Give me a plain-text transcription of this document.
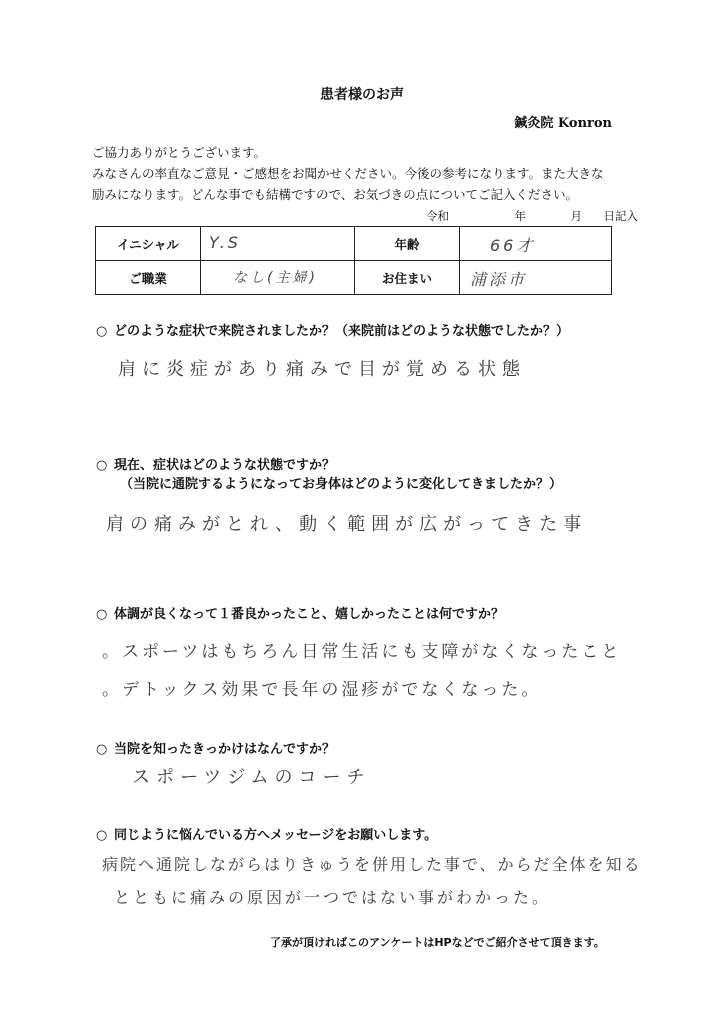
患者様のお声
鍼灸院 Konron
ご協力ありがとうございます。
みなさんの率直なご意見・ご感想をお聞かせください。今後の参考になります。また大きな
励みになります。どんな事でも結構ですので、お気づきの点についてご記入ください。
令和	年	月 日記入
イニシャル	Y.S	年齢	66才

ご職業	なし(主婦)	お住まい	浦添市
○ どのような症状で来院されましたか？（来院前はどのような状態でしたか？）
肩に炎症があり痛みで目が覚める状態
○ 現在、症状はどのような状態ですか？
（当院に通院するようになってお身体はどのように変化してきましたか？）
肩の痛みがとれ、動く範囲が広がってきた事
○ 体調が良くなって１番良かったこと、嬉しかったことは何ですか？
。スポーツはもちろん日常生活にも支障がなくなったこと
。デトックス効果で長年の湿疹がでなくなった。
○ 当院を知ったきっかけはなんですか？
スポーツジムのコーチ
○ 同じように悩んでいる方へメッセージをお願いします。
病院へ通院しながらはりきゅうを併用した事で、からだ全体を知る
とともに痛みの原因が一つではない事がわかった。
了承が頂ければこのアンケートはHPなどでご紹介させて頂きます。
